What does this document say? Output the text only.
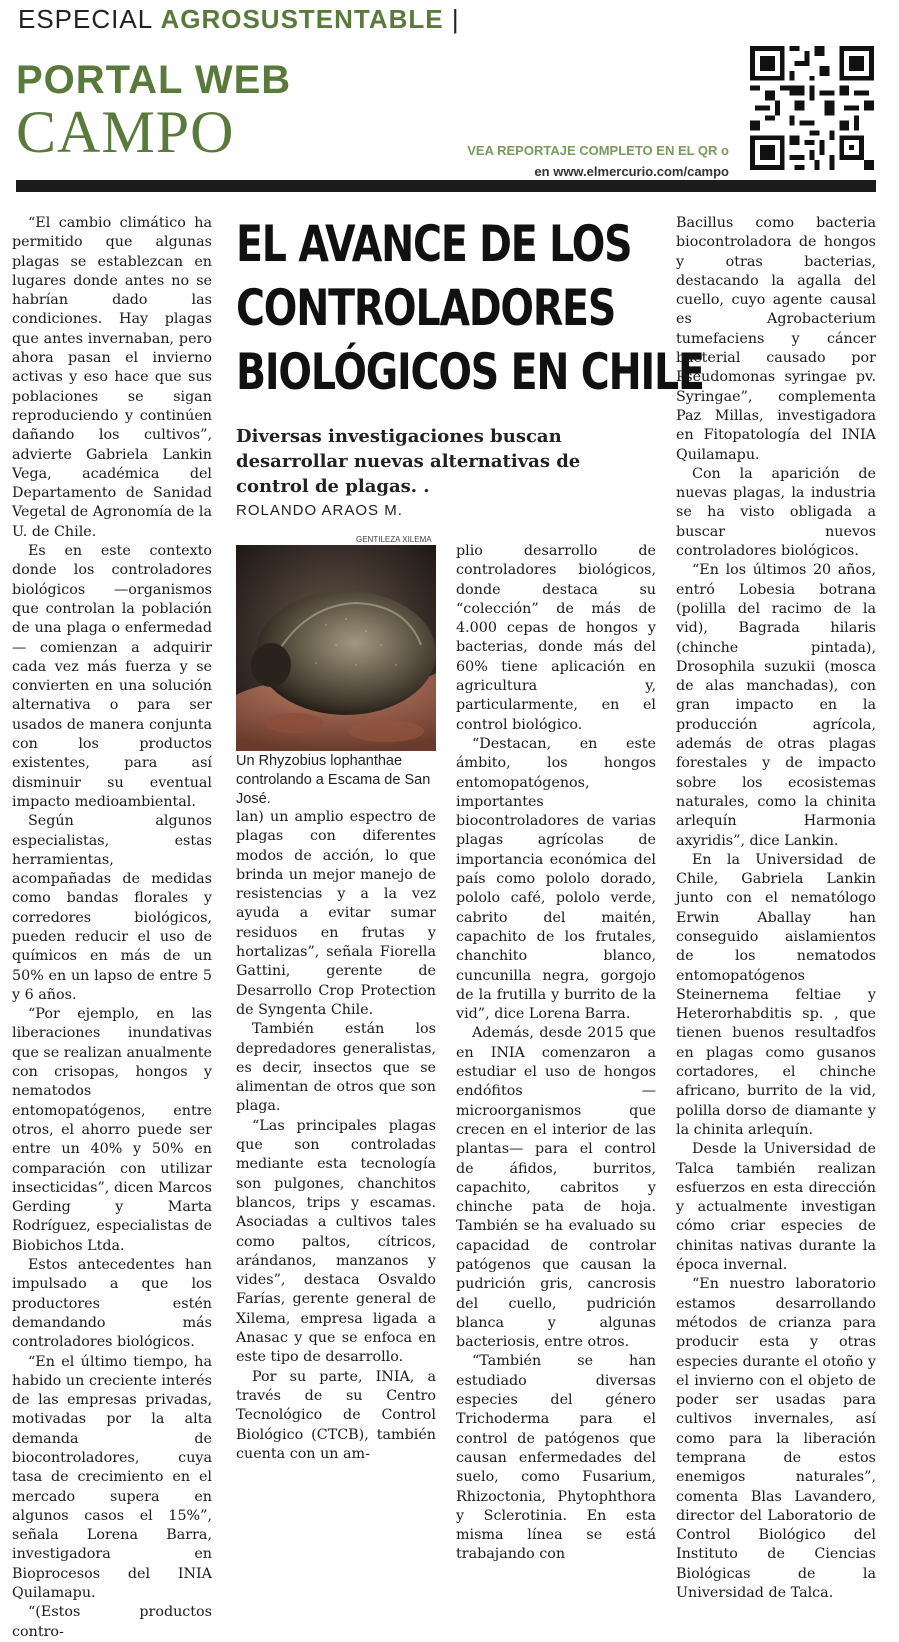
ESPECIAL AGROSUSTENTABLE |
PORTAL WEB
CAMPO	VEA REPORTAJE COMPLETO EN EL QR o
en www.elmercurio.com/campo
EL AVANCE DE LOS
CONTROLADORES
BIOLÓGICOS EN CHILE
Diversas investigaciones buscan desarrollar nuevas alternativas de control de plagas. .
ROLANDO ARAOS M.
GENTILEZA XILEMA
Un Rhyzobius lophanthae controlando a Escama de San José.

“El cambio climático ha permitido que algunas plagas se establezcan en lugares donde antes no se habrían dado las condiciones. Hay plagas que antes invernaban, pero ahora pasan el invierno activas y eso hace que sus poblaciones se sigan reproduciendo y continúen dañando los cultivos”, advierte Gabriela Lankin Vega, académica del Departamento de Sanidad Vegetal de Agronomía de la U. de Chile.

Es en este contexto donde los controladores biológicos —organismos que controlan la población de una plaga o enfermedad— comienzan a adquirir cada vez más fuerza y se convierten en una solución alternativa o para ser usados de manera conjunta con los productos existentes, para así disminuir su eventual impacto medioambiental.

Según algunos especialistas, estas herramientas, acompañadas de medidas como bandas florales y corredores biológicos, pueden reducir el uso de químicos en más de un 50% en un lapso de entre 5 y 6 años.

“Por ejemplo, en las liberaciones inundativas que se realizan anualmente con crisopas, hongos y nematodos entomopatógenos, entre otros, el ahorro puede ser entre un 40% y 50% en comparación con utilizar insecticidas”, dicen Marcos Gerding y Marta Rodríguez, especialistas de Biobichos Ltda.

Estos antecedentes han impulsado a que los productores estén demandando más controladores biológicos.

“En el último tiempo, ha habido un creciente interés de las empresas privadas, motivadas por la alta demanda de biocontroladores, cuya tasa de crecimiento en el mercado supera en algunos casos el 15%”, señala Lorena Barra, investigadora en Bioprocesos del INIA Quilamapu.

“(Estos productos contro-

lan) un amplio espectro de plagas con diferentes modos de acción, lo que brinda un mejor manejo de resistencias y a la vez ayuda a evitar sumar residuos en frutas y hortalizas”, señala Fiorella Gattini, gerente de Desarrollo Crop Protection de Syngenta Chile.

También están los depredadores generalistas, es decir, insectos que se alimentan de otros que son plaga.

“Las principales plagas que son controladas mediante esta tecnología son pulgones, chanchitos blancos, trips y escamas. Asociadas a cultivos tales como paltos, cítricos, arándanos, manzanos y vides”, destaca Osvaldo Farías, gerente general de Xilema, empresa ligada a Anasac y que se enfoca en este tipo de desarrollo.

Por su parte, INIA, a través de su Centro Tecnológico de Control Biológico (CTCB), también cuenta con un am-

plio desarrollo de controladores biológicos, donde destaca su “colección” de más de 4.000 cepas de hongos y bacterias, donde más del 60% tiene aplicación en agricultura y, particularmente, en el control biológico.

“Destacan, en este ámbito, los hongos entomopatógenos, importantes biocontroladores de varias plagas agrícolas de importancia económica del país como pololo dorado, pololo café, pololo verde, cabrito del maitén, capachito de los frutales, chanchito blanco, cuncunilla negra, gorgojo de la frutilla y burrito de la vid”, dice Lorena Barra.

Además, desde 2015 que en INIA comenzaron a estudiar el uso de hongos endófitos —microorganismos que crecen en el interior de las plantas— para el control de áfidos, burritos, capachito, cabritos y chinche pata de hoja. También se ha evaluado su capacidad de controlar patógenos que causan la pudrición gris, cancrosis del cuello, pudrición blanca y algunas bacteriosis, entre otros.

“También se han estudiado diversas especies del género Trichoderma para el control de patógenos que causan enfermedades del suelo, como Fusarium, Rhizoctonia, Phytophthora y Sclerotinia. En esta misma línea se está trabajando con

Bacillus como bacteria biocontroladora de hongos y otras bacterias, destacando la agalla del cuello, cuyo agente causal es Agrobacterium tumefaciens y cáncer bacterial causado por Pseudomonas syringae pv. Syringae”, complementa Paz Millas, investigadora en Fitopatología del INIA Quilamapu.

Con la aparición de nuevas plagas, la industria se ha visto obligada a buscar nuevos controladores biológicos.

“En los últimos 20 años, entró Lobesia botrana (polilla del racimo de la vid), Bagrada hilaris (chinche pintada), Drosophila suzukii (mosca de alas manchadas), con gran impacto en la producción agrícola, además de otras plagas forestales y de impacto sobre los ecosistemas naturales, como la chinita arlequín Harmonia axyridis”, dice Lankin.

En la Universidad de Chile, Gabriela Lankin junto con el nematólogo Erwin Aballay han conseguido aislamientos de los nematodos entomopatógenos Steinernema feltiae y Heterorhabditis sp. , que tienen buenos resultadfos en plagas como gusanos cortadores, el chinche africano, burrito de la vid, polilla dorso de diamante y la chinita arlequín.

Desde la Universidad de Talca también realizan esfuerzos en esta dirección y actualmente investigan cómo criar especies de chinitas nativas durante la época invernal.

“En nuestro laboratorio estamos desarrollando métodos de crianza para producir esta y otras especies durante el otoño y el invierno con el objeto de poder ser usadas para cultivos invernales, así como para la liberación temprana de estos enemigos naturales”, comenta Blas Lavandero, director del Laboratorio de Control Biológico del Instituto de Ciencias Biológicas de la Universidad de Talca.
